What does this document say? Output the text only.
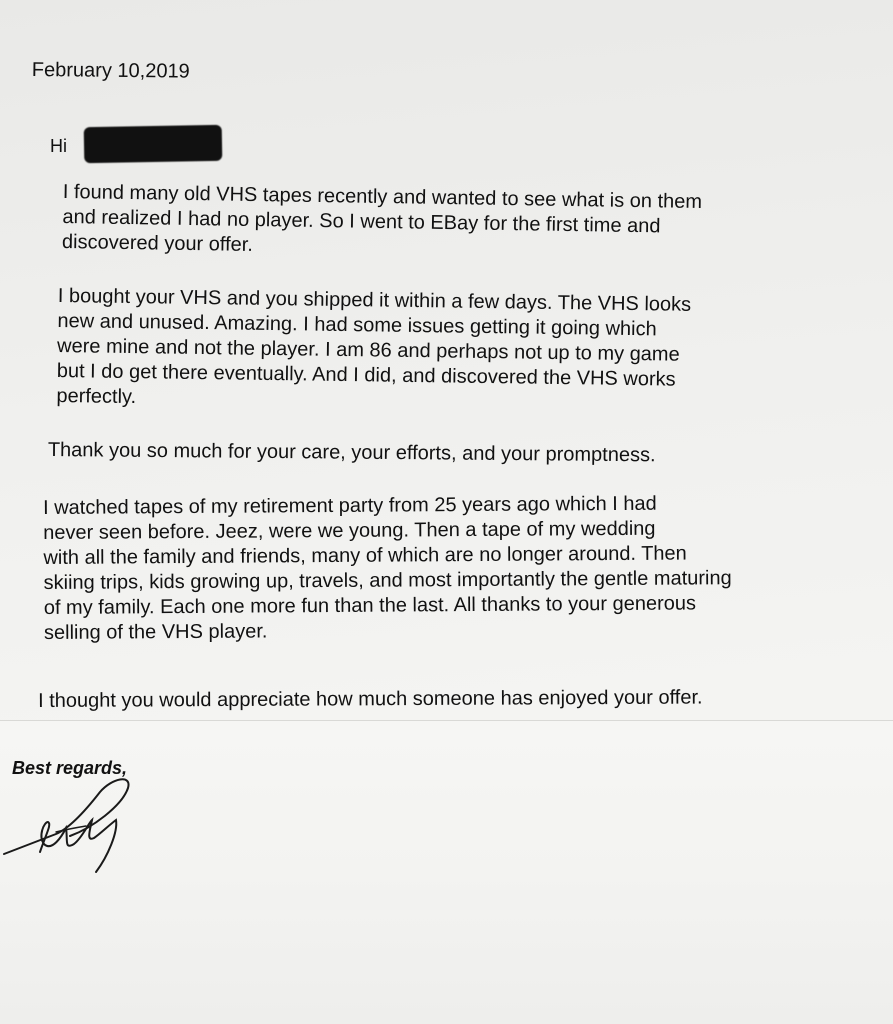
February 10,2019
Hi
I found many old VHS tapes recently and wanted to see what is on them
and realized I had no player. So I went to EBay for the first time and
discovered your offer.
I bought your VHS and you shipped it within a few days. The VHS looks
new and unused. Amazing. I had some issues getting it going which
were mine and not the player. I am 86 and perhaps not up to my game
but I do get there eventually. And I did, and discovered the VHS works
perfectly.
Thank you so much for your care, your efforts, and your promptness.
I watched tapes of my retirement party from 25 years ago which I had
never seen before. Jeez, were we young. Then a tape of my wedding
with all the family and friends, many of which are no longer around. Then
skiing trips, kids growing up, travels, and most importantly the gentle maturing
of my family. Each one more fun than the last. All thanks to your generous
selling of the VHS player.
I thought you would appreciate how much someone has enjoyed your offer.
Best regards,
